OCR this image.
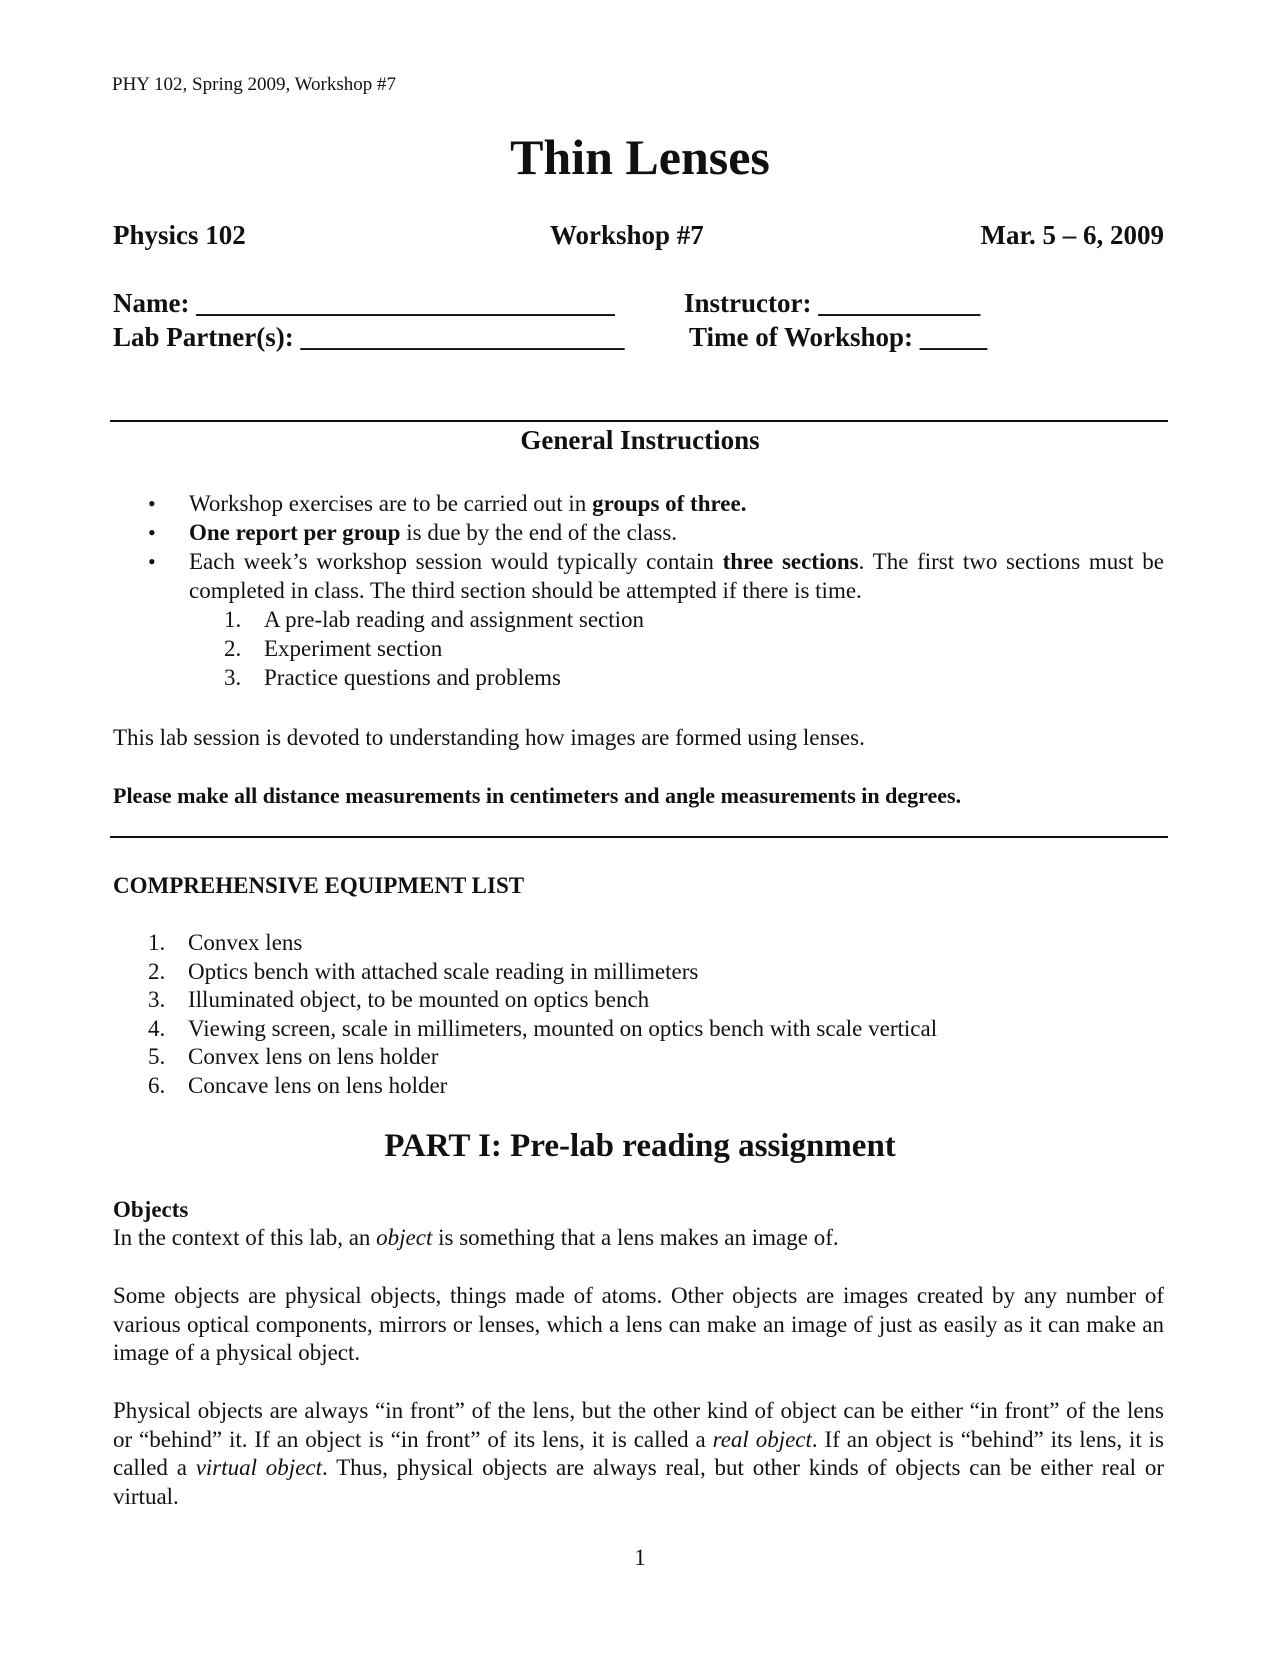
PHY 102, Spring 2009, Workshop #7
Thin Lenses
Physics 102	Workshop #7	Mar. 5 – 6, 2009
Name: _______________________________	Instructor: ____________
Lab Partner(s): ________________________ Time of Workshop: _____
General Instructions
• Workshop exercises are to be carried out in groups of three.
• One report per group is due by the end of the class.
• Each week’s workshop session would typically contain three sections. The first two sections must be completed in class. The third section should be attempted if there is time.
1. A pre-lab reading and assignment section
2. Experiment section
3. Practice questions and problems
This lab session is devoted to understanding how images are formed using lenses.
Please make all distance measurements in centimeters and angle measurements in degrees.
COMPREHENSIVE EQUIPMENT LIST
1. Convex lens
2. Optics bench with attached scale reading in millimeters
3. Illuminated object, to be mounted on optics bench
4. Viewing screen, scale in millimeters, mounted on optics bench with scale vertical
5. Convex lens on lens holder
6. Concave lens on lens holder
PART I: Pre-lab reading assignment
Objects
In the context of this lab, an object is something that a lens makes an image of.
Some objects are physical objects, things made of atoms. Other objects are images created by any number of various optical components, mirrors or lenses, which a lens can make an image of just as easily as it can make an image of a physical object.
Physical objects are always “in front” of the lens, but the other kind of object can be either “in front” of the lens or “behind” it. If an object is “in front” of its lens, it is called a real object. If an object is “behind” its lens, it is called a virtual object. Thus, physical objects are always real, but other kinds of objects can be either real or virtual.
1
